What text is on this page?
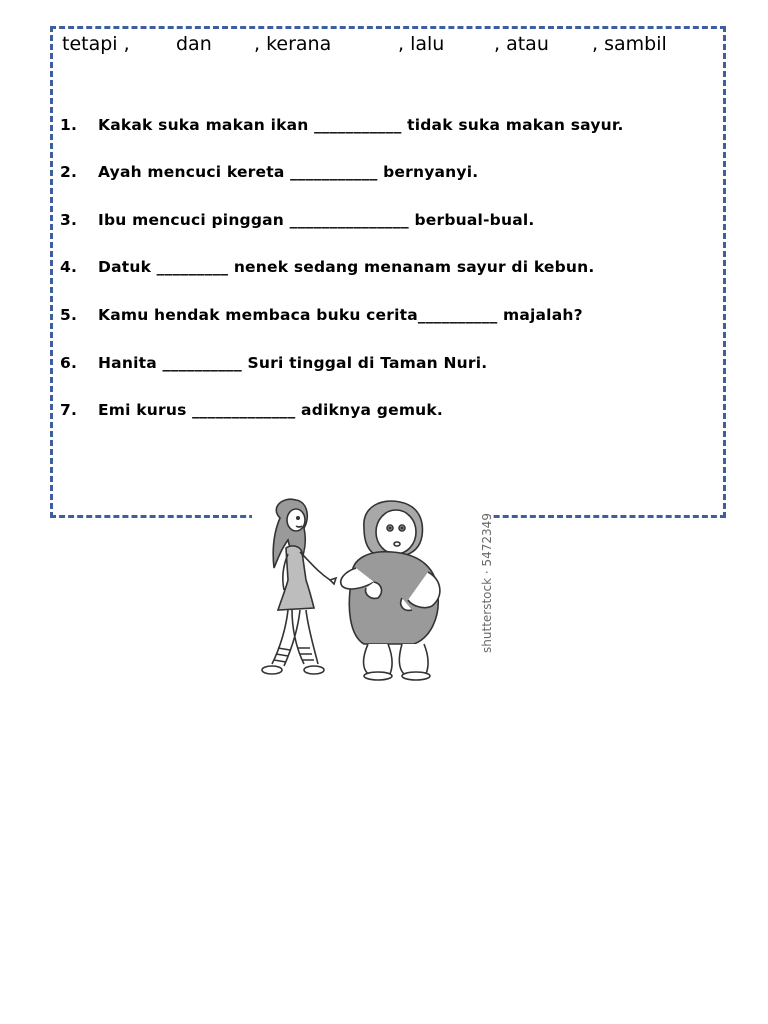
tetapi , dan , kerana	, lalu	, atau , sambil
1. Kakak suka makan ikan ___________ tidak suka makan sayur.
2. Ayah mencuci kereta ___________ bernyanyi.
3. Ibu mencuci pinggan _______________ berbual-bual.
4. Datuk _________ nenek sedang menanam sayur di kebun.
5. Kamu hendak membaca buku cerita__________ majalah?
6. Hanita __________ Suri tinggal di Taman Nuri.
7. Emi kurus _____________ adiknya gemuk.
shutterstock · 5472349
